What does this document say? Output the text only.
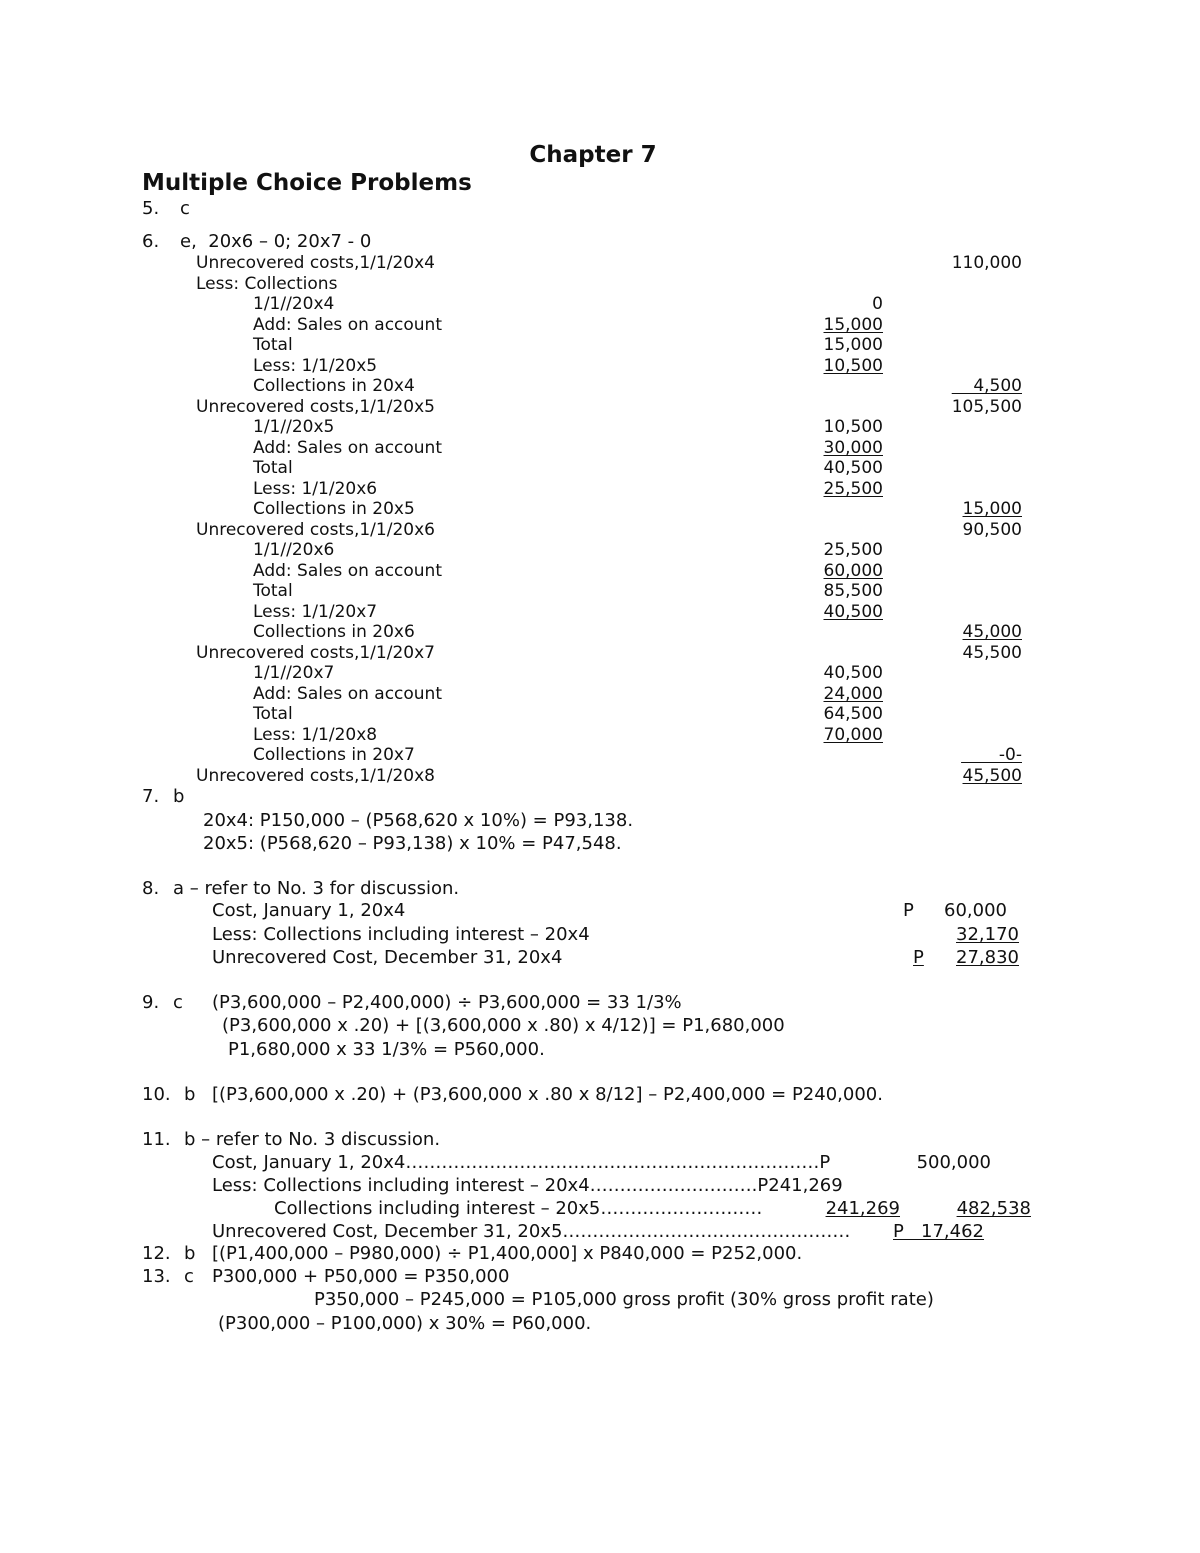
Chapter 7
Multiple Choice Problems
5. c
6. e,  20x6 – 0; 20x7 - 0
Unrecovered costs,1/1/20x4	110,000
Less: Collections
1/1//20x4	0
Add: Sales on account	15,000
Total	15,000
Less: 1/1/20x5	10,500
Collections in 20x4	4,500
Unrecovered costs,1/1/20x5	105,500
1/1//20x5	10,500
Add: Sales on account	30,000
Total	40,500
Less: 1/1/20x6	25,500
Collections in 20x5	15,000
Unrecovered costs,1/1/20x6	90,500
1/1//20x6	25,500
Add: Sales on account	60,000
Total	85,500
Less: 1/1/20x7	40,500
Collections in 20x6	45,000
Unrecovered costs,1/1/20x7	45,500
1/1//20x7	40,500
Add: Sales on account	24,000
Total	64,500
Less: 1/1/20x8	70,000
Collections in 20x7	-0-
Unrecovered costs,1/1/20x8	45,500
7. b
20x4: P150,000 – (P568,620 x 10%) = P93,138.
20x5: (P568,620 – P93,138) x 10% = P47,548.
8. a – refer to No. 3 for discussion.
Cost, January 1, 20x4	P	60,000
Less: Collections including interest – 20x4	32,170
Unrecovered Cost, December 31, 20x4	P	27,830
9. c (P3,600,000 – P2,400,000) ÷ P3,600,000 = 33 1/3%
(P3,600,000 x .20) + [(3,600,000 x .80) x 4/12)] = P1,680,000
P1,680,000 x 33 1/3% = P560,000.
10. b [(P3,600,000 x .20) + (P3,600,000 x .80 x 8/12] – P2,400,000 = P240,000.
11. b – refer to No. 3 discussion.
Cost, January 1, 20x4……………………………………………………………P	500,000
Less: Collections including interest – 20x4……………………….P241,269
Collections including interest – 20x5………………………	241,269	482,538
Unrecovered Cost, December 31, 20x5………………………………………… P   17,462
12. b [(P1,400,000 – P980,000) ÷ P1,400,000] x P840,000 = P252,000.
13. c P300,000 + P50,000 = P350,000
P350,000 – P245,000 = P105,000 gross profit (30% gross profit rate)
(P300,000 – P100,000) x 30% = P60,000.
